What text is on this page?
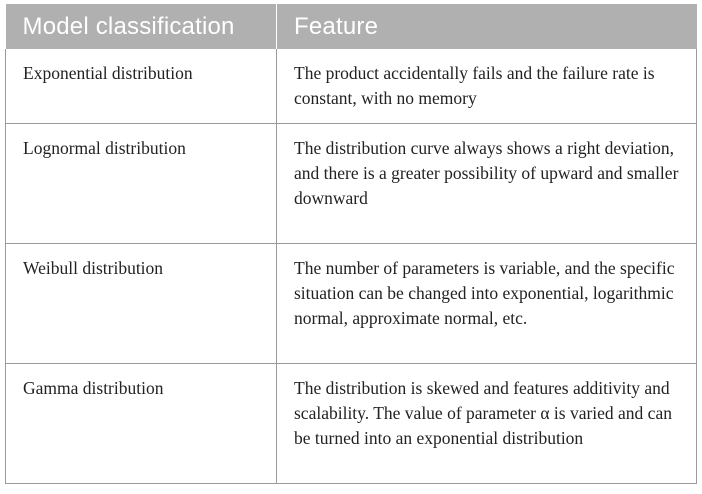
Model classification	Feature
Exponential distribution	The product accidentally fails and the failure rate is constant, with no memory
Lognormal distribution	The distribution curve always shows a right deviation, and there is a greater possibility of upward and smaller downward
Weibull distribution	The number of parameters is variable, and the specific situation can be changed into exponential, logarithmic normal, approximate normal, etc.
Gamma distribution	The distribution is skewed and features additivity and scalability. The value of parameter α is varied and can be turned into an exponential distribution
